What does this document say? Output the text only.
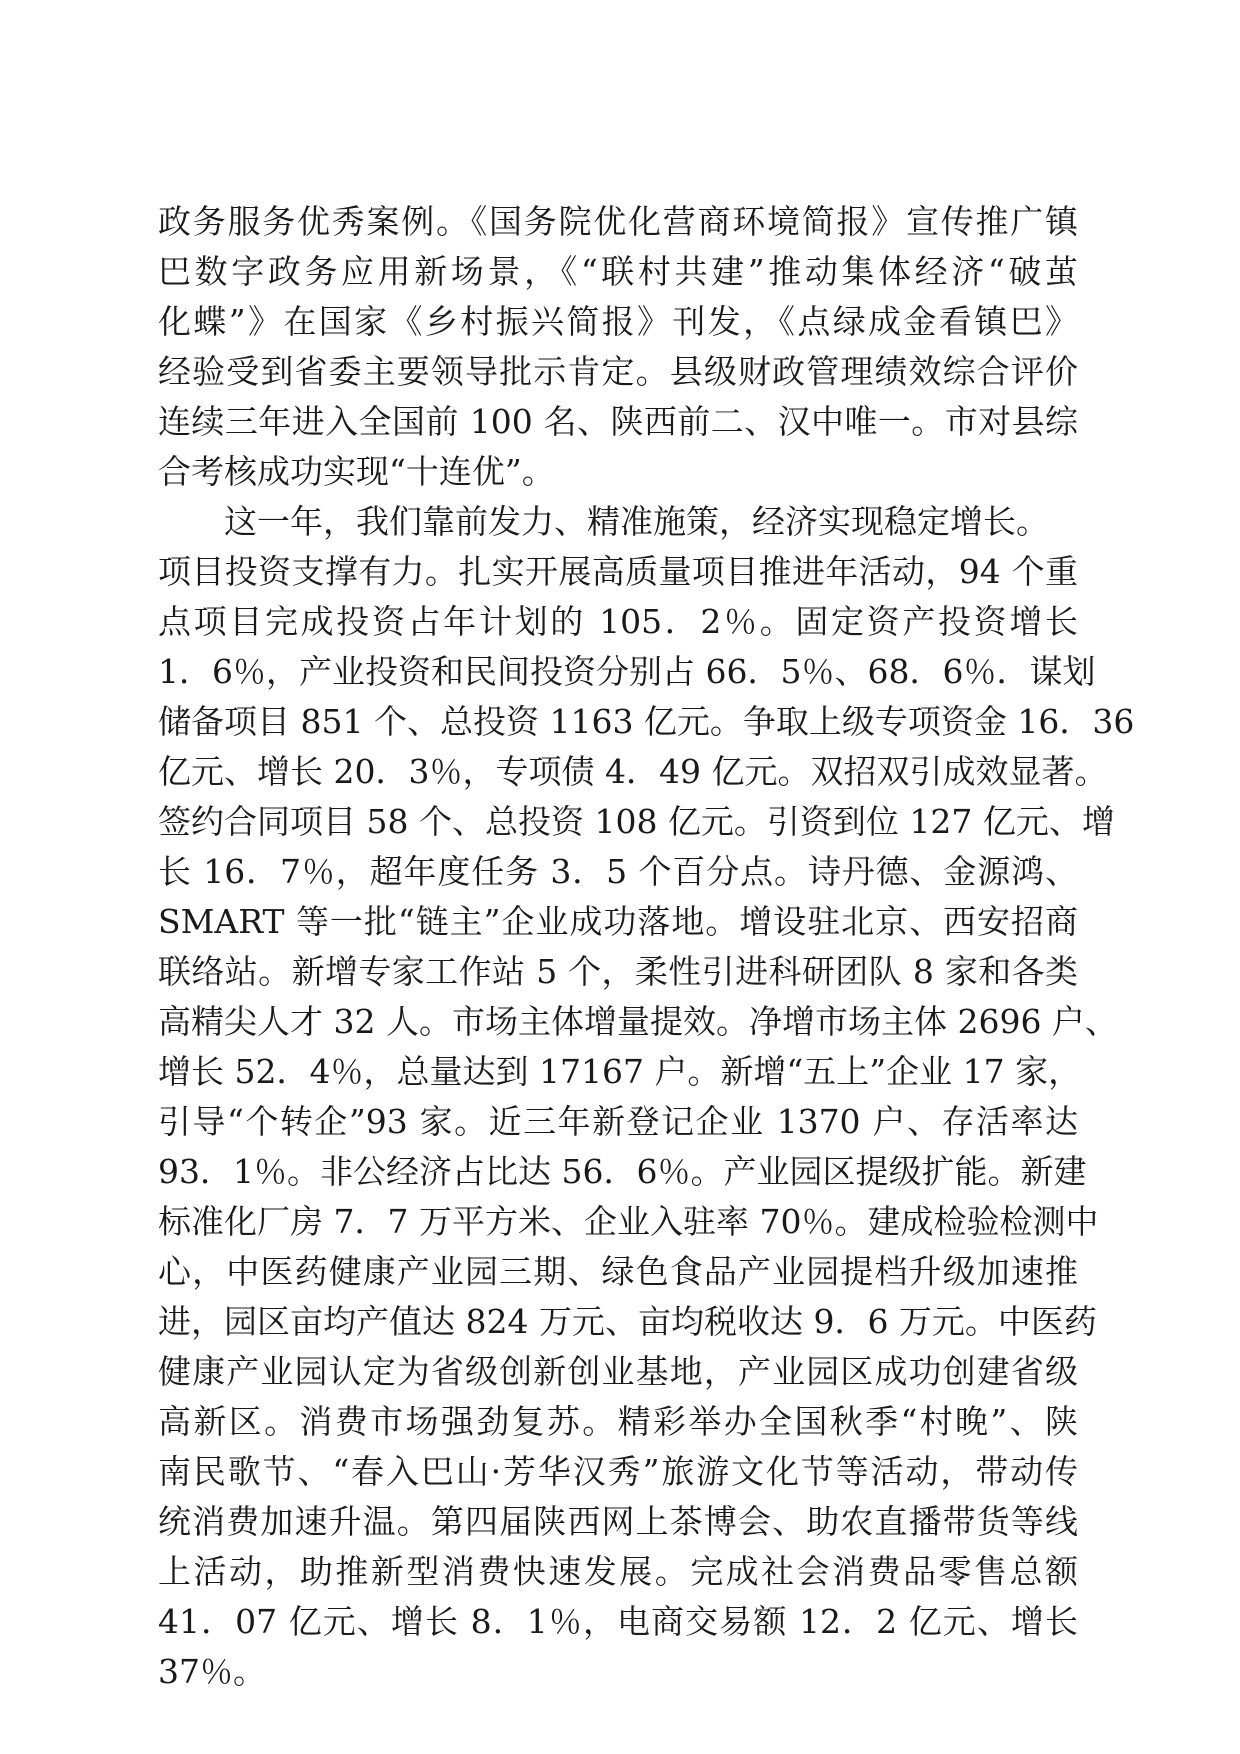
政务服务优秀案例。《国务院优化营商环境简报》宣传推广镇
巴数字政务应用新场景，《“联村共建”推动集体经济“破茧
化蝶”》在国家《乡村振兴简报》刊发，《点绿成金看镇巴》
经验受到省委主要领导批示肯定。县级财政管理绩效综合评价
连续三年进入全国前 100 名、陕西前二、汉中唯一。市对县综
合考核成功实现“十连优”。
这一年，我们靠前发力、精准施策，经济实现稳定增长。
项目投资支撑有力。扎实开展高质量项目推进年活动，94 个重
点项目完成投资占年计划的 105．2％。固定资产投资增长
1．6％，产业投资和民间投资分别占 66．5％、68．6％．谋划
储备项目 851 个、总投资 1163 亿元。争取上级专项资金 16．36
亿元、增长 20．3％，专项债 4．49 亿元。双招双引成效显著。
签约合同项目 58 个、总投资 108 亿元。引资到位 127 亿元、增
长 16．7％，超年度任务 3．5 个百分点。诗丹德、金源鸿、
SMART 等一批“链主”企业成功落地。增设驻北京、西安招商
联络站。新增专家工作站 5 个，柔性引进科研团队 8 家和各类
高精尖人才 32 人。市场主体增量提效。净增市场主体 2696 户、
增长 52．4％，总量达到 17167 户。新增“五上”企业 17 家，
引导“个转企”93 家。近三年新登记企业 1370 户、存活率达
93．1％。非公经济占比达 56．6％。产业园区提级扩能。新建
标准化厂房 7．7 万平方米、企业入驻率 70％。建成检验检测中
心，中医药健康产业园三期、绿色食品产业园提档升级加速推
进，园区亩均产值达 824 万元、亩均税收达 9．6 万元。中医药
健康产业园认定为省级创新创业基地，产业园区成功创建省级
高新区。消费市场强劲复苏。精彩举办全国秋季“村晚”、陕
南民歌节、“春入巴山·芳华汉秀”旅游文化节等活动，带动传
统消费加速升温。第四届陕西网上茶博会、助农直播带货等线
上活动，助推新型消费快速发展。完成社会消费品零售总额
41．07 亿元、增长 8．1％，电商交易额 12．2 亿元、增长
37％。
